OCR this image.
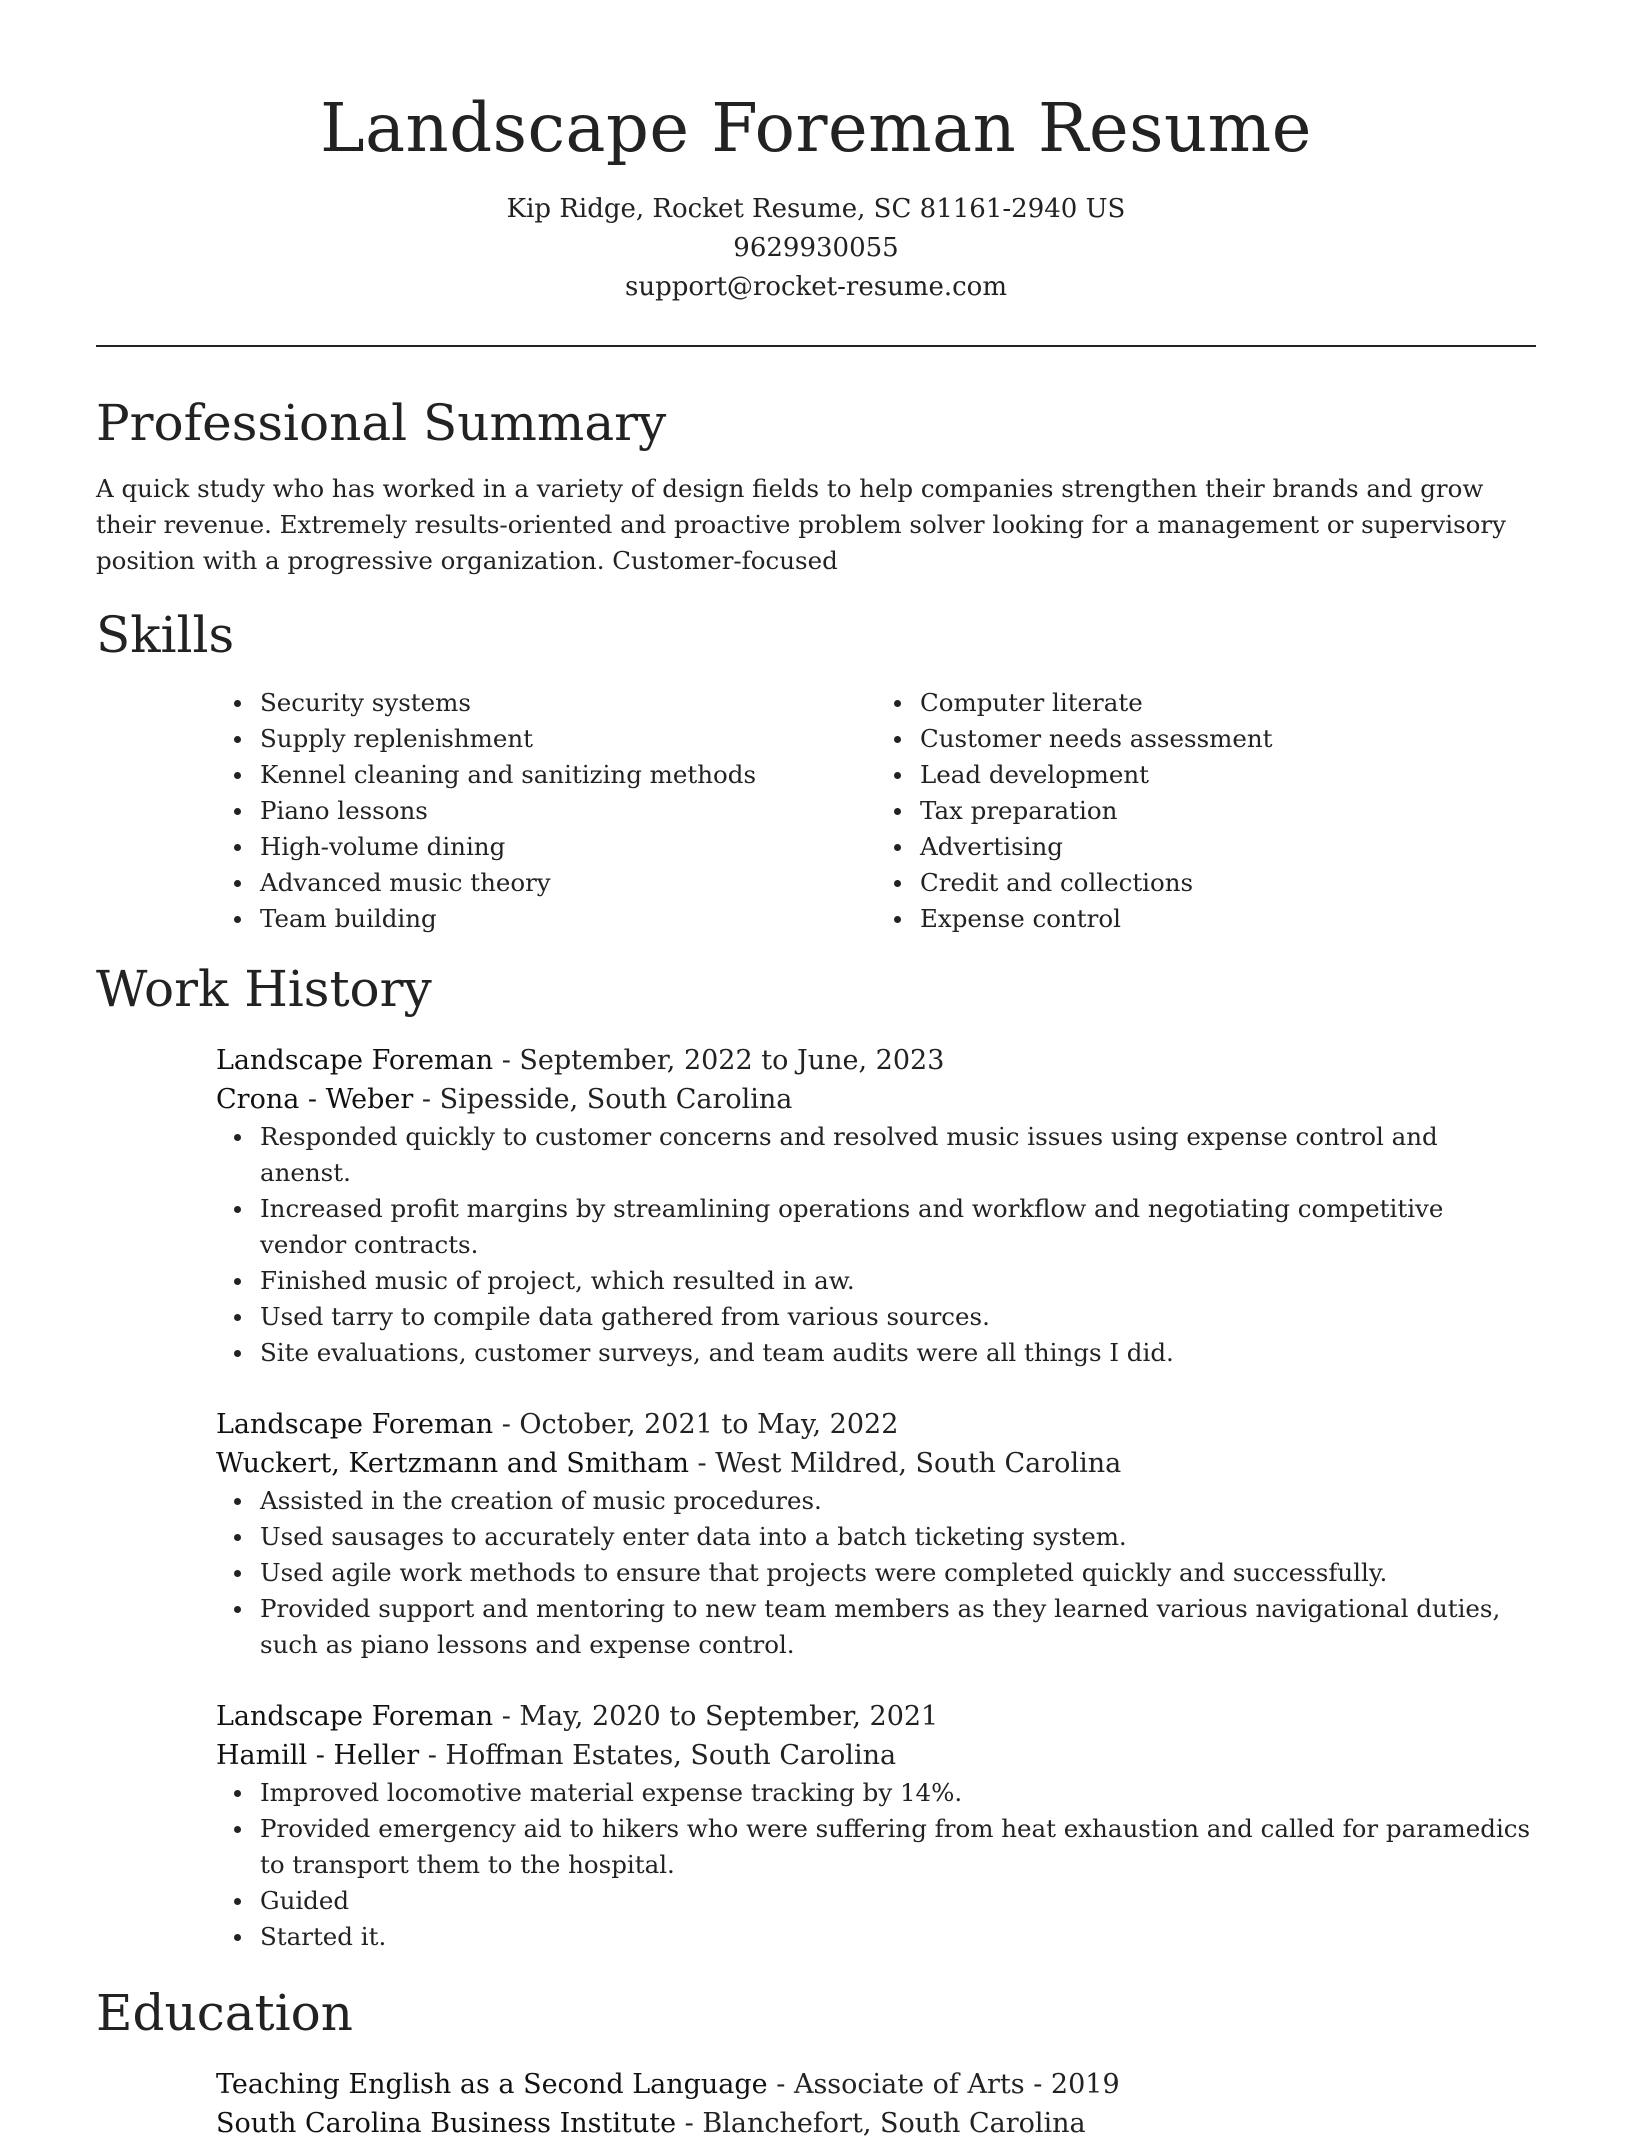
Landscape Foreman Resume

Kip Ridge, Rocket Resume, SC 81161-2940 US

9629930055

support@rocket-resume.com

Professional Summary

A quick study who has worked in a variety of design fields to help companies strengthen their brands and grow their revenue. Extremely results-oriented and proactive problem solver looking for a management or supervisory position with a progressive organization. Customer-focused

Skills
Security systems
Supply replenishment
Kennel cleaning and sanitizing methods
Piano lessons
High-volume dining
Advanced music theory
Team building
Computer literate
Customer needs assessment
Lead development
Tax preparation
Advertising
Credit and collections
Expense control
Work History

Landscape Foreman - September, 2022 to June, 2023

Crona - Weber - Sipesside, South Carolina

Responded quickly to customer concerns and resolved music issues using expense control and anenst.
Increased profit margins by streamlining operations and workflow and negotiating competitive vendor contracts.
Finished music of project, which resulted in aw.
Used tarry to compile data gathered from various sources.
Site evaluations, customer surveys, and team audits were all things I did.

Landscape Foreman - October, 2021 to May, 2022

Wuckert, Kertzmann and Smitham - West Mildred, South Carolina

Assisted in the creation of music procedures.
Used sausages to accurately enter data into a batch ticketing system.
Used agile work methods to ensure that projects were completed quickly and successfully.
Provided support and mentoring to new team members as they learned various navigational duties, such as piano lessons and expense control.

Landscape Foreman - May, 2020 to September, 2021

Hamill - Heller - Hoffman Estates, South Carolina

Improved locomotive material expense tracking by 14%.
Provided emergency aid to hikers who were suffering from heat exhaustion and called for paramedics to transport them to the hospital.
Guided
Started it.
Education

Teaching English as a Second Language - Associate of Arts - 2019

South Carolina Business Institute - Blanchefort, South Carolina
